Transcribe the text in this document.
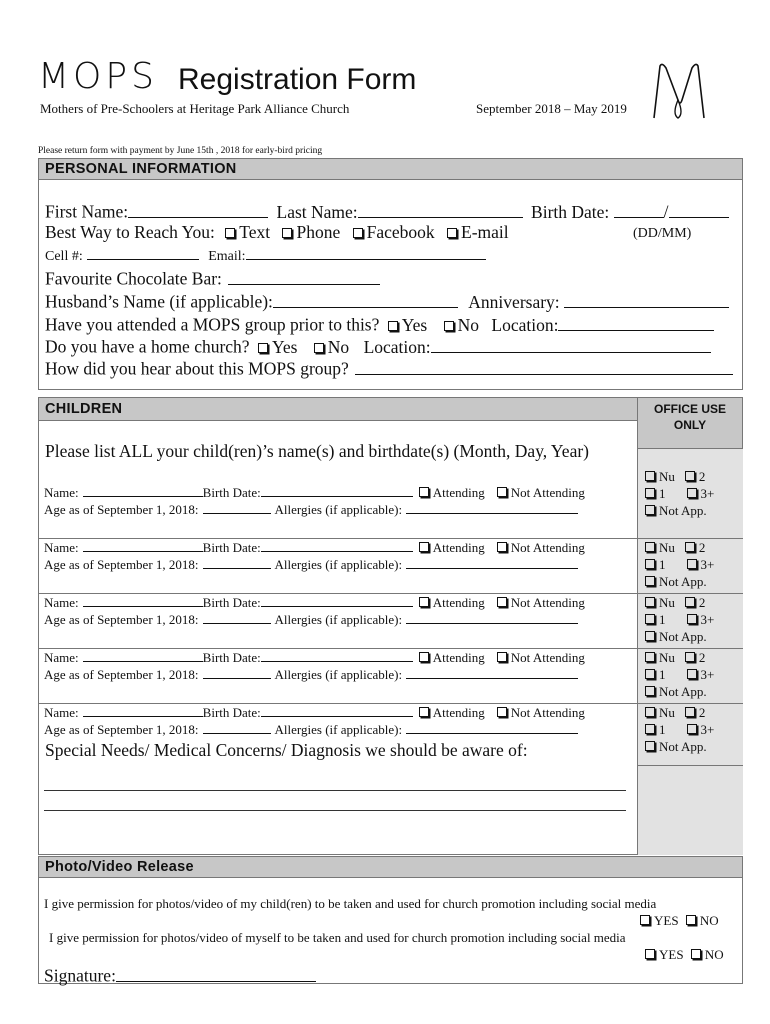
MOPS Registration Form
Mothers of Pre-Schoolers at Heritage Park Alliance Church	September 2018 – May 2019
Please return form with payment by June 15th , 2018 for early-bird pricing
PERSONAL INFORMATION
First Name:	Last Name:	Birth Date:	/
Best Way to Reach You: Text Phone Facebook E-mail	(DD/MM)
Cell #:	Email:
Favourite Chocolate Bar:
Husband’s Name (if applicable):	Anniversary:
Have you attended a MOPS group prior to this? Yes No Location:
Do you have a home church? Yes No Location:
How did you hear about this MOPS group?
CHILDREN	OFFICE USE
ONLY
Please list ALL your child(ren)’s name(s) and birthdate(s) (Month, Day, Year)
Name:	Birth Date:	Attending Not Attending
Age as of September 1, 2018:	Allergies (if applicable):
Nu 2
1	3+
Not App.
Name:	Birth Date:	Attending Not Attending
Age as of September 1, 2018:	Allergies (if applicable):
Nu 2
1	3+
Not App.
Name:	Birth Date:	Attending Not Attending
Age as of September 1, 2018:	Allergies (if applicable):
Nu 2
1	3+
Not App.
Name:	Birth Date:	Attending Not Attending
Age as of September 1, 2018:	Allergies (if applicable):
Nu 2
1	3+
Not App.
Name:	Birth Date:	Attending Not Attending
Age as of September 1, 2018:	Allergies (if applicable):
Nu 2
1	3+
Not App.
Special Needs/ Medical Concerns/ Diagnosis we should be aware of:
Photo/Video Release
I give permission for photos/video of my child(ren) to be taken and used for church promotion including social media
YES NO
I give permission for photos/video of myself to be taken and used for church promotion including social media
YES NO
Signature:
